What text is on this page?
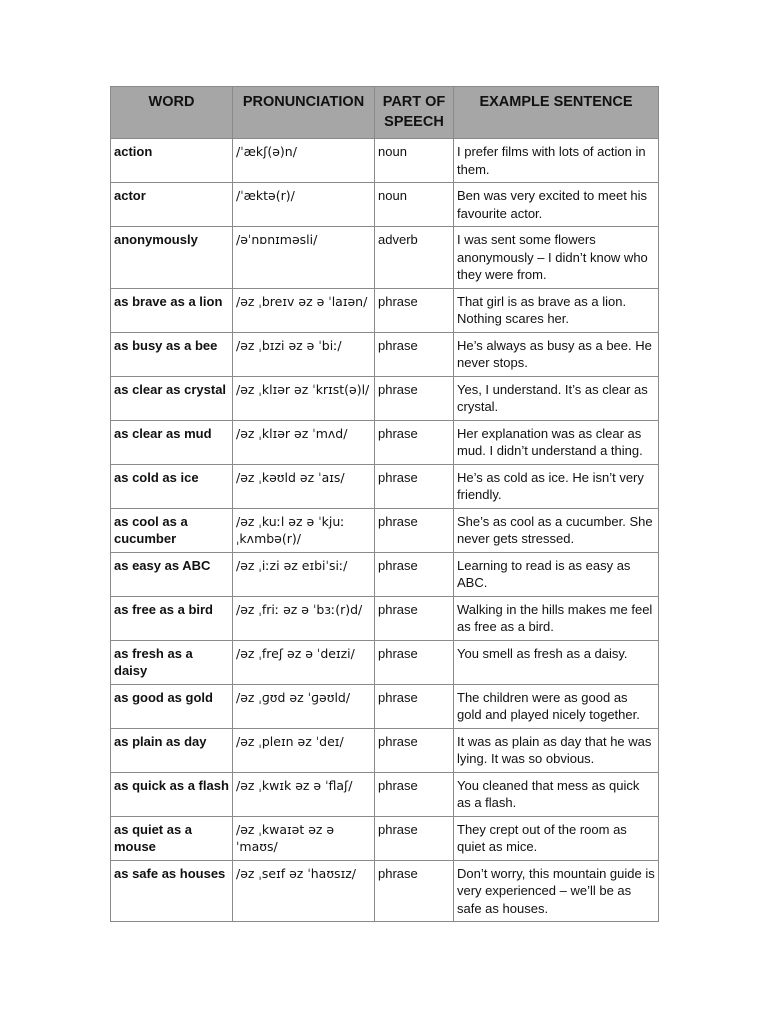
WORD	PRONUNCIATION	PART OF SPEECH	EXAMPLE SENTENCE
action	/ˈækʃ(ə)n/	noun	I prefer films with lots of action in them.
actor	/ˈæktə(r)/	noun	Ben was very excited to meet his favourite actor.
anonymously	/əˈnɒnɪməsli/	adverb	I was sent some flowers anonymously – I didn’t know who they were from.
as brave as a lion	/əz ˌbreɪv əz ə ˈlaɪən/	phrase	That girl is as brave as a lion. Nothing scares her.
as busy as a bee	/əz ˌbɪzi əz ə ˈbiː/	phrase	He’s always as busy as a bee. He never stops.
as clear as crystal	/əz ˌklɪər əz ˈkrɪst(ə)l/	phrase	Yes, I understand. It’s as clear as crystal.
as clear as mud	/əz ˌklɪər əz ˈmʌd/	phrase	Her explanation was as clear as mud. I didn’t understand a thing.
as cold as ice	/əz ˌkəʊld əz ˈaɪs/	phrase	He’s as cold as ice. He isn’t very friendly.
as cool as a cucumber	/əz ˌkuːl əz ə ˈkjuːˌkʌmbə(r)/	phrase	She’s as cool as a cucumber. She never gets stressed.
as easy as ABC	/əz ˌiːzi əz eɪbiˈsiː/	phrase	Learning to read is as easy as ABC.
as free as a bird	/əz ˌfriː əz ə ˈbɜː(r)d/	phrase	Walking in the hills makes me feel as free as a bird.
as fresh as a daisy	/əz ˌfreʃ əz ə ˈdeɪzi/	phrase	You smell as fresh as a daisy.
as good as gold	/əz ˌɡʊd əz ˈɡəʊld/	phrase	The children were as good as gold and played nicely together.
as plain as day	/əz ˌpleɪn əz ˈdeɪ/	phrase	It was as plain as day that he was lying. It was so obvious.
as quick as a flash	/əz ˌkwɪk əz ə ˈflaʃ/	phrase	You cleaned that mess as quick as a flash.
as quiet as a mouse	/əz ˌkwaɪət əz ə ˈmaʊs/	phrase	They crept out of the room as quiet as mice.
as safe as houses	/əz ˌseɪf əz ˈhaʊsɪz/	phrase	Don’t worry, this mountain guide is very experienced – we’ll be as safe as houses.
